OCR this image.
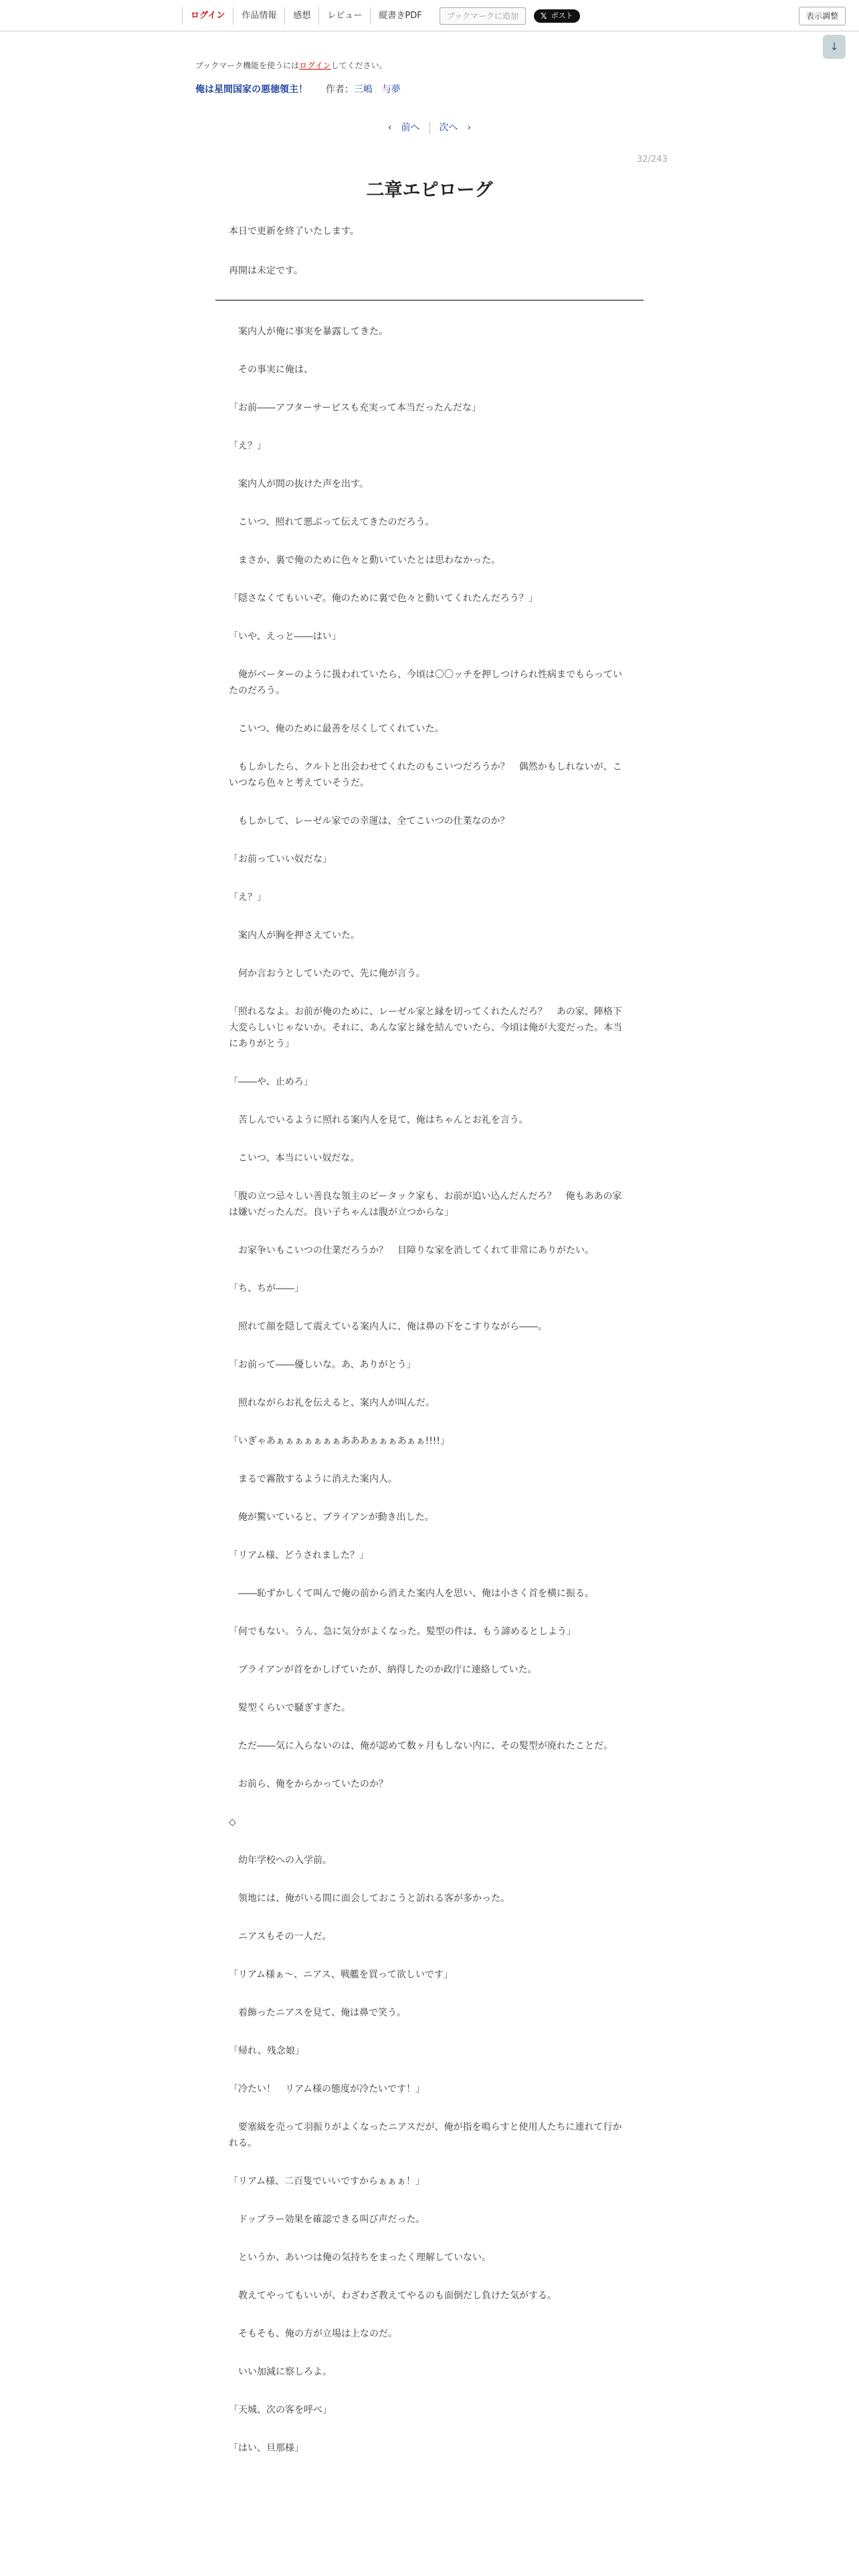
ログイン	作品情報	感想	レビュー	縦書きPDF	ブックマークに追加	𝕏 ポスト	表示調整
↓
ブックマーク機能を使うにはログインしてください。
俺は星間国家の悪徳領主！ 作者：三嶋　与夢
‹　前へ 次へ　›
32/243
二章エピローグ

本日で更新を終了いたします。

再開は未定です。

　案内人が俺に事実を暴露してきた。

　その事実に俺は、

「お前――アフターサービスも充実って本当だったんだな」

「え？」

　案内人が間の抜けた声を出す。

　こいつ、照れて悪ぶって伝えてきたのだろう。

　まさか、裏で俺のために色々と動いていたとは思わなかった。

「隠さなくてもいいぞ。俺のために裏で色々と動いてくれたんだろう？」

「いや、えっと――はい」

　俺がベーターのように扱われていたら、今頃は〇〇ッチを押しつけられ性病までもらっていたのだろう。

　こいつ、俺のために最善を尽くしてくれていた。

　もしかしたら、クルトと出会わせてくれたのもこいつだろうか？　偶然かもしれないが、こいつなら色々と考えていそうだ。

　もしかして、レーゼル家での幸運は、全てこいつの仕業なのか？

「お前っていい奴だな」

「え？」

　案内人が胸を押さえていた。

　何か言おうとしていたので、先に俺が言う。

「照れるなよ。お前が俺のために、レーゼル家と縁を切ってくれたんだろ？　あの家、陣格下大変らしいじゃないか。それに、あんな家と縁を結んでいたら、今頃は俺が大変だった。本当にありがとう」

「――や、止めろ」

　苦しんでいるように照れる案内人を見て、俺はちゃんとお礼を言う。

　こいつ、本当にいい奴だな。

「腹の立つ忌々しい善良な領主のビータック家も、お前が追い込んだんだろ？　俺もああの家は嫌いだったんだ。良い子ちゃんは腹が立つからな」

　お家争いもこいつの仕業だろうか？　目障りな家を消してくれて非常にありがたい。

「ち、ちが――」

　照れて顔を隠して震えている案内人に、俺は鼻の下をこすりながら――。

「お前って――優しいな。あ、ありがとう」

　照れながらお礼を伝えると、案内人が叫んだ。

「いぎゃあぁぁぁぁぁぁぁあああぁぁぁあぁぁ!!!!」

　まるで霧散するように消えた案内人。

　俺が驚いていると、ブライアンが動き出した。

「リアム様、どうされました？」

　――恥ずかしくて叫んで俺の前から消えた案内人を思い、俺は小さく首を横に振る。

「何でもない。うん、急に気分がよくなった。髪型の件は、もう諦めるとしよう」

　ブライアンが首をかしげていたが、納得したのか政庁に連絡していた。

　髪型くらいで騒ぎすぎた。

　ただ――気に入らないのは、俺が認めて数ヶ月もしない内に、その髪型が廃れたことだ。

　お前ら、俺をからかっていたのか？

◇

　幼年学校への入学前。

　領地には、俺がいる間に面会しておこうと訪れる客が多かった。

　ニアスもその一人だ。

「リアム様ぁ～、ニアス、戦艦を買って欲しいです」

　着飾ったニアスを見て、俺は鼻で笑う。

「帰れ、残念娘」

「冷たい！　リアム様の態度が冷たいです！」

　要塞級を売って羽振りがよくなったニアスだが、俺が指を鳴らすと使用人たちに連れて行かれる。

「リアム様、二百隻でいいですからぁぁぁ！」

　ドップラー効果を確認できる叫び声だった。

　というか、あいつは俺の気持ちをまったく理解していない。

　教えてやってもいいが、わざわざ教えてやるのも面倒だし負けた気がする。

　そもそも、俺の方が立場は上なのだ。

　いい加減に察しろよ。

「天城、次の客を呼べ」

「はい、旦那様」
